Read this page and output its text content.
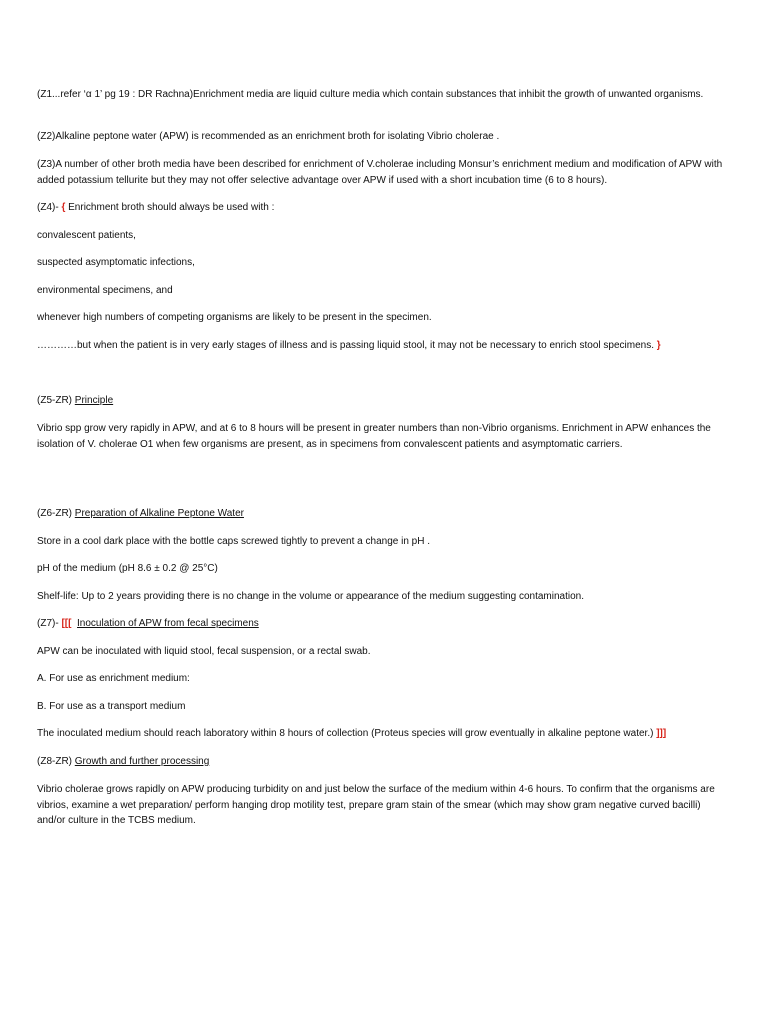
(Z1...refer ‘α 1’ pg 19 : DR Rachna)Enrichment media are liquid culture media which contain substances that inhibit the growth of unwanted organisms.

(Z2)Alkaline peptone water (APW) is recommended as an enrichment broth for isolating Vibrio cholerae .

(Z3)A number of other broth media have been described for enrichment of V.cholerae including Monsur’s enrichment medium and modification of APW with added potassium tellurite but they may not offer selective advantage over APW if used with a short incubation time (6 to 8 hours).

(Z4)- { Enrichment broth should always be used with :

convalescent patients,

suspected asymptomatic infections,

environmental specimens, and

whenever high numbers of competing organisms are likely to be present in the specimen.

…………but when the patient is in very early stages of illness and is passing liquid stool, it may not be necessary to enrich stool specimens. }

(Z5-ZR) Principle

Vibrio spp grow very rapidly in APW, and at 6 to 8 hours will be present in greater numbers than non-Vibrio organisms. Enrichment in APW enhances the isolation of V. cholerae O1 when few organisms are present, as in specimens from convalescent patients and asymptomatic carriers.

(Z6-ZR) Preparation of Alkaline Peptone Water

Store in a cool dark place with the bottle caps screwed tightly to prevent a change in pH .

pH of the medium (pH 8.6 ± 0.2 @ 25°C)

Shelf-life: Up to 2 years providing there is no change in the volume or appearance of the medium suggesting contamination.

(Z7)- [[[ Inoculation of APW from fecal specimens

APW can be inoculated with liquid stool, fecal suspension, or a rectal swab.

A. For use as enrichment medium:

B. For use as a transport medium

The inoculated medium should reach laboratory within 8 hours of collection (Proteus species will grow eventually in alkaline peptone water.) ]]]

(Z8-ZR) Growth and further processing

Vibrio cholerae grows rapidly on APW producing turbidity on and just below the surface of the medium within 4-6 hours. To confirm that the organisms are vibrios, examine a wet preparation/ perform hanging drop motility test, prepare gram stain of the smear (which may show gram negative curved bacilli) and/or culture in the TCBS medium.
